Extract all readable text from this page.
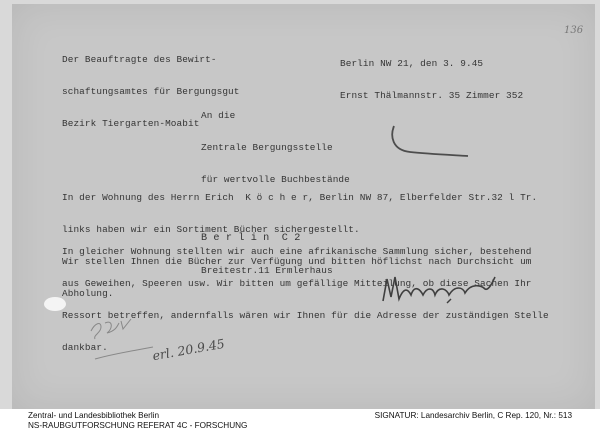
Der Beauftragte des Bewirt-

schaftungsamtes für Bergungsgut

Bezirk Tiergarten-Moabit

Berlin NW 21, den 3. 9.45

Ernst Thälmannstr. 35 Zimmer 352

136

An die

Zentrale Bergungsstelle

für wertvolle Buchbestände

B e r l i n  C 2

Breitestr.11 Ermlerhaus

In der Wohnung des Herrn Erich  K ö c h e r, Berlin NW 87, Elberfelder Str.32 l Tr.

links haben wir ein Sortiment Bücher sichergestellt.

Wir stellen Ihnen die Bücher zur Verfügung und bitten höflichst nach Durchsicht um

Abholung.

In gleicher Wohnung stellten wir auch eine afrikanische Sammlung sicher, bestehend

aus Geweihen, Speeren usw. Wir bitten um gefällige Mitteilung, ob diese Sachen Ihr

Ressort betreffen, andernfalls wären wir Ihnen für die Adresse der zuständigen Stelle

dankbar.

	erl. 20.9.45
Zentral- und Landesbibliothek Berlin
NS-RAUBGUTFORSCHUNG REFERAT 4C - FORSCHUNG
SIGNATUR: Landesarchiv Berlin, C Rep. 120, Nr.: 513
